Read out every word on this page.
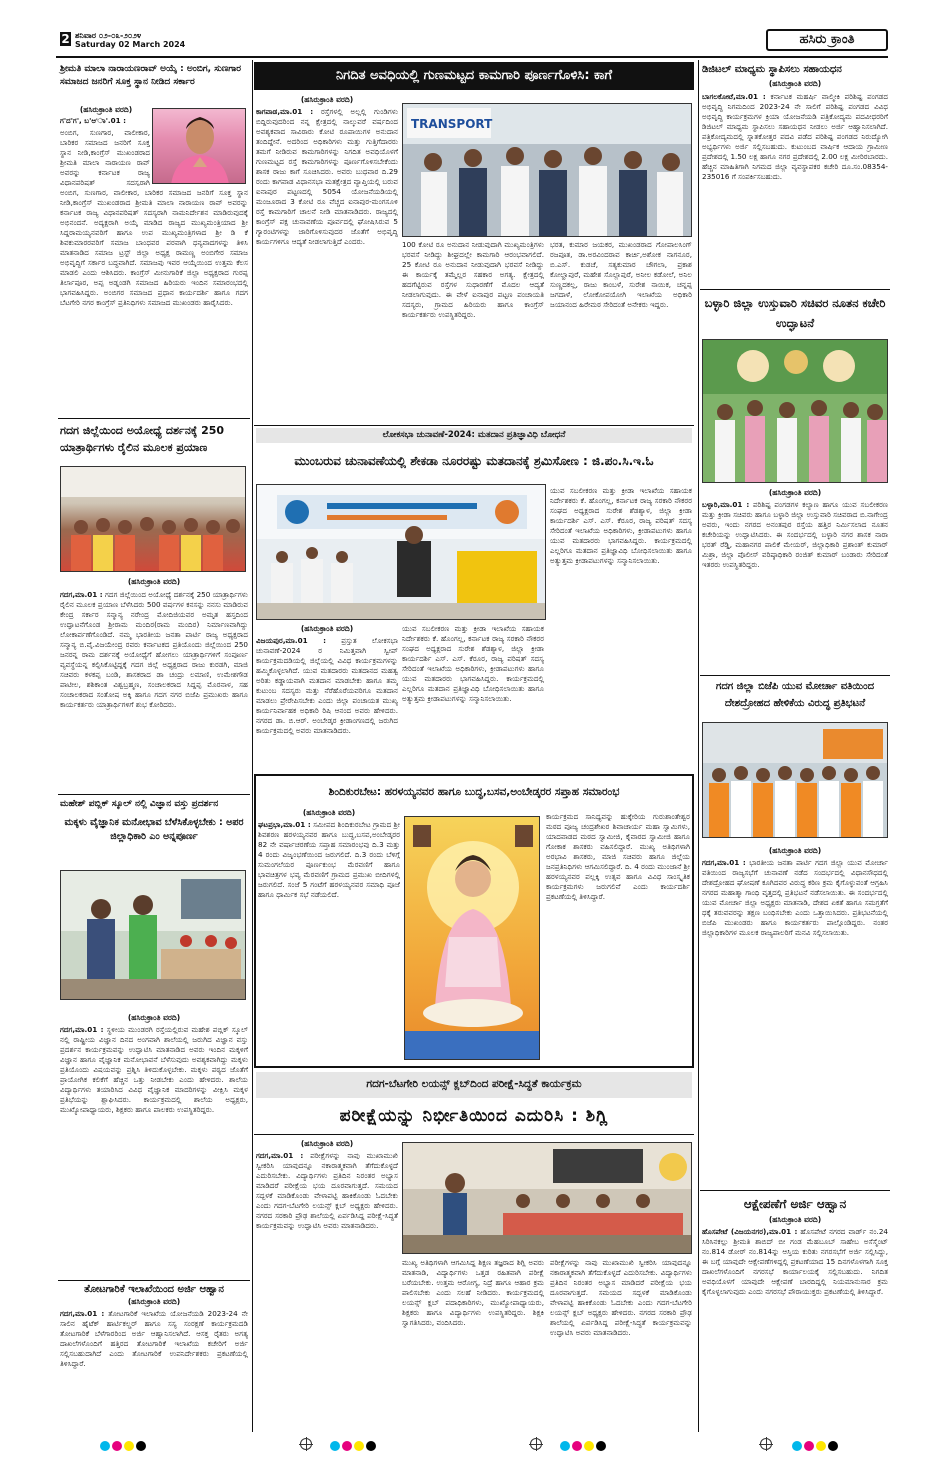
2 ಶನಿವಾರ ೦೨-೦೩-೨೦೨೪
Saturday 02 March 2024	ಹಸಿರು ಕ್ರಾಂತಿ
ಶ್ರೀಮತಿ ಮಾಲಾ ನಾರಾಯಣರಾವ್ ಅಯ್ಕೆ : ಅಂಬಿಗ, ಸುಣಗಾರ ಸಮಾಜದ ಜನರಿಗೆ ಸೂಕ್ತ ಸ್ಥಾನ ನೀಡಿದ ಸರ್ಕಾರ
(ಹಸಿರುಕ್ರಾಂತಿ ವರದಿ)
ಗ'ದ'ಗ', ಬ'ಆ'ಾ'.01 :
ಅಂಬಿಗ, ಸುಣಗಾರ, ವಾಲೀಕಾರ, ಬಾರಿಕರ ಸಮಾಜದ ಜನರಿಗೆ ಸೂಕ್ತ ಸ್ಥಾನ ನೀಡಿ,ಕಾಂಗ್ರೆಸ್ ಮುಖಂಡರಾದ ಶ್ರೀಮತಿ ಮಾಲಾ ನಾರಾಯಣ ರಾವ್ ಅವರನ್ನು ಕರ್ನಾಟಕ ರಾಜ್ಯ ವಿಧಾನಪರಿಷತ್ ಸದಸ್ಯರಾಗಿ
ಅಂಬಿಗ, ಸುಣಗಾರ, ವಾಲೀಕಾರ, ಬಾರಿಕರ ಸಮಾಜದ ಜನರಿಗೆ ಸೂಕ್ತ ಸ್ಥಾನ ನೀಡಿ,ಕಾಂಗ್ರೆಸ್ ಮುಖಂಡರಾದ ಶ್ರೀಮತಿ ಮಾಲಾ ನಾರಾಯಣ ರಾವ್ ಅವರನ್ನು ಕರ್ನಾಟಕ ರಾಜ್ಯ ವಿಧಾನಪರಿಷತ್ ಸದಸ್ಯರಾಗಿ ನಾಮನಿರ್ದೇಶನ ಮಾಡಿರುವುದಕ್ಕೆ ಅಭಿನಂದನೆ. ಅದ್ಯಕ್ಷರಾಗಿ ಅಯ್ಕೆ ಮಾಡಿದ ರಾಜ್ಯದ ಮುಖ್ಯಮಂತ್ರಿಯಾದ ಶ್ರೀ ಸಿದ್ದರಾಮಯ್ಯನವರಿಗೆ ಹಾಗೂ ಉಪ ಮುಖ್ಯಮಂತ್ರಿಗಳಾದ ಶ್ರೀ ಡಿ ಕೆ ಶಿವಕುಮಾರರವರಿಗೆ ಸಮಾಜ ಬಾಂಧವರ ಪರವಾಗಿ ಧನ್ಯವಾದಗಳನ್ನು ತಿಳಿಸಿ ಮಾತನಾಡಿದ ಸಮಾಜ ಟ್ರಸ್ಟ್ ಜಿಲ್ಲಾ ಅಧ್ಯಕ್ಷ ರಾಮಣ್ಣ ಅಂಬಿಗೇರ ಸಮಾಜ ಅಭಿವೃದ್ಧಿಗೆ ಸರ್ಕಾರ ಬದ್ಧವಾಗಿದೆ. ಸಮಾಜವು ಇವರ ಆಯ್ಕೆಯಿಂದ ಉತ್ತಮ ಕೆಲಸ ಮಾಡಲಿ ಎಂದು ಆಶಿಸಿದರು. ಕಾಂಗ್ರೆಸ್ ಮೀನುಗಾರಿಕೆ ಜಿಲ್ಲಾ ಅಧ್ಯಕ್ಷರಾದ ಗುರಪ್ಪ ತಿರ್ಲಾಪೂರ, ಅಪ್ಪ ಅಡ್ನಂಡಗಿ ಸಮಾಜದ ಹಿರಿಯರು ಇಂದಿನ ಸಮಾರಂಭದಲ್ಲಿ ಭಾಗವಹಿಸಿದ್ದರು. ಅಂಬಿಗರ ಸಮಾಜದ ಪ್ರಧಾನ ಕಾರ್ಯದರ್ಶಿ ಹಾಗೂ ಗದಗ ಬೆಟಗೇರಿ ನಗರ ಕಾಂಗ್ರೆಸ್ ಪ್ರತಿನಿಧಿಗಳು ಸಮಾಜದ ಮುಖಂಡರು ಹಾರೈಸಿದರು.
ಗದಗ ಜಿಲ್ಲೆಯಿಂದ ಅಯೋಧ್ಯೆ ದರ್ಶನಕ್ಕೆ 250 ಯಾತ್ರಾರ್ಥಿಗಳು ರೈಲಿನ ಮೂಲಕ ಪ್ರಯಾಣ
(ಹಸಿರುಕ್ರಾಂತಿ ವರದಿ)
ಗದಗ,ಮಾ.01 : ಗದಗ ಜಿಲ್ಲೆಯಿಂದ ಅಯೋಧ್ಯೆ ದರ್ಶನಕ್ಕೆ 250 ಯಾತ್ರಾರ್ಥಿಗಳು ರೈಲಿನ ಮೂಲಕ ಪ್ರಯಾಣ ಬೆಳೆಸಿದರು 500 ವರ್ಷಗಳ ಕನಸನ್ನು ನನಸು ಮಾಡಿರುವ ಕೇಂದ್ರ ಸರ್ಕಾರ ಸನ್ಮಾನ್ಯ ನರೇಂದ್ರ ಮೋದಿಜಿಯವರ ಅಮೃತ ಹಸ್ತದಿಂದ ಉದ್ಘಾಟನೆಗೊಂಡ ಶ್ರೀರಾಮ ಮಂದಿರ(ರಾಮ ಮಂದಿರ) ನಿರ್ಮಾಣವಾಗಿದ್ದು ಲೋಕಾರ್ಪಣೆಗೊಂಡಿದೆ. ನಮ್ಮ ಭಾರತೀಯ ಜನತಾ ಪಾರ್ಟಿ ರಾಜ್ಯ ಅಧ್ಯಕ್ಷರಾದ ಸನ್ಮಾನ್ಯ ಬಿ.ವೈ.ವಿಜಯೇಂದ್ರ ರವರು ಕರ್ನಾಟಕದ ಪ್ರತಿಯೊಂದು ಜಿಲ್ಲೆಯಿಂದ 250 ಜನರನ್ನ ರಾಮ ದರ್ಶನಕ್ಕೆ ಅಯೋಧ್ಯೆಗೆ ಹೋಗಲು ಯಾತ್ರಾರ್ಥಿಗಳಿಗೆ ಸಂಪೂರ್ಣ ವ್ಯವಸ್ಥೆಯನ್ನ ಕಲ್ಪಿಸಿಕೊಟ್ಟಿದ್ದಕ್ಕೆ ಗದಗ ಜಿಲ್ಲೆ ಅಧ್ಯಕ್ಷರಾದ ರಾಜು ಕುರಡಗಿ, ಮಾಜಿ ಸಚಿವರು ಕಳಕಪ್ಪ ಬಂಡಿ, ಶಾಸಕರಾದ ಡಾ ಚಂದ್ರು ಲಮಾಣಿ, ಉಮೇಶಗೌಡ ಪಾಟೀಲ, ಶಶಿಕಾಂತ ವಿಶ್ವಬ್ರಹ್ಮಣ, ಸಂಚಾಲಕರಾದ ಸಿದ್ದಪ್ಪ ಮೊರನಾಳ, ಸಹ ಸಂಚಾಲಕರಾದ ಸಂತೋಷ ಅಕ್ಕಿ ಹಾಗೂ ಗದಗ ನಗರ ಬಿಜೆಪಿ ಪ್ರಮುಖರು ಹಾಗೂ ಕಾರ್ಯಕರ್ತರು ಯಾತ್ರಾರ್ಥಿಗಳಿಗೆ ಶುಭ ಕೋರಿದರು.
ಮಹೇಶ್ ಪಬ್ಲಿಕ್ ಸ್ಕೂಲ್ ನಲ್ಲಿ ವಿಜ್ಞಾನ ವಸ್ತು ಪ್ರದರ್ಶನ
ಮಕ್ಕಳು ವೈಜ್ಞಾನಿಕ ಮನೋಭಾವ ಬೆಳೆಸಿಕೊಳ್ಳಬೇಕು : ಅಪರ ಜಿಲ್ಲಾಧಿಕಾರಿ ಎಂ ಅನ್ನಪೂರ್ಣ
(ಹಸಿರುಕ್ರಾಂತಿ ವರದಿ)
ಗದಗ,ಮಾ.01 : ಸ್ಥಳೀಯ ಮುಂಡರಗಿ ರಸ್ತೆಯಲ್ಲಿರುವ ಮಹೇಶ ಪಬ್ಲಿಕ್ ಸ್ಕೂಲ್ ನಲ್ಲಿ ರಾಷ್ಟ್ರೀಯ ವಿಜ್ಞಾನ ದಿನದ ಅಂಗವಾಗಿ ಶಾಲೆಯಲ್ಲಿ ಜರುಗಿದ ವಿಜ್ಞಾನ ವಸ್ತು ಪ್ರದರ್ಶನ ಕಾರ್ಯಕ್ರಮವನ್ನು ಉದ್ಘಾಟಿಸಿ ಮಾತನಾಡಿದ ಅವರು ಇಂದಿನ ಮಕ್ಕಳಿಗೆ ವಿಜ್ಞಾನ ಹಾಗೂ ವೈಜ್ಞಾನಿಕ ಮನೋಭಾವನೆ ಬೆಳೆಸುವುದು ಅವಶ್ಯಕವಾಗಿದ್ದು ಮಕ್ಕಳು ಪ್ರತಿಯೊಂದು ವಿಷಯವನ್ನು ಪ್ರಶ್ನಿಸಿ ತಿಳಿದುಕೊಳ್ಳಬೇಕು. ಮಕ್ಕಳು ಪಠ್ಯದ ಜೊತೆಗೆ ಪ್ರಾಯೋಗಿಕ ಕಲಿಕೆಗೆ ಹೆಚ್ಚಿನ ಒತ್ತು ನೀಡಬೇಕು ಎಂದು ಹೇಳಿದರು. ಶಾಲೆಯ ವಿದ್ಯಾರ್ಥಿಗಳು ತಯಾರಿಸಿದ ವಿವಿಧ ವೈಜ್ಞಾನಿಕ ಮಾದರಿಗಳನ್ನು ವೀಕ್ಷಿಸಿ ಮಕ್ಕಳ ಪ್ರತಿಭೆಯನ್ನು ಶ್ಲಾಘಿಸಿದರು. ಕಾರ್ಯಕ್ರಮದಲ್ಲಿ ಶಾಲೆಯ ಅಧ್ಯಕ್ಷರು, ಮುಖ್ಯೋಪಾಧ್ಯಾಯರು, ಶಿಕ್ಷಕರು ಹಾಗೂ ಪಾಲಕರು ಉಪಸ್ಥಿತರಿದ್ದರು.
ತೋಟಗಾರಿಕೆ ಇಲಾಖೆಯಿಂದ ಅರ್ಜಿ ಆಹ್ವಾನ
(ಹಸಿರುಕ್ರಾಂತಿ ವರದಿ)
ಗದಗ,ಮಾ.01 : ತೋಟಗಾರಿಕೆ ಇಲಾಖೆಯ ಯೋಜನೆಯಡಿ 2023-24 ನೇ ಸಾಲಿನ ಹೈಟೆಕ್ ಹಾರ್ಟಿಕಲ್ಚರ್ ಹಾಗೂ ಸಸ್ಯ ಸಂರಕ್ಷಣೆ ಕಾರ್ಯಕ್ರಮದಡಿ ತೋಟಗಾರಿಕೆ ಬೆಳೆಗಾರರಿಂದ ಅರ್ಜಿ ಆಹ್ವಾನಿಸಲಾಗಿದೆ. ಆಸಕ್ತ ರೈತರು ಅಗತ್ಯ ದಾಖಲೆಗಳೊಂದಿಗೆ ಹತ್ತಿರದ ತೋಟಗಾರಿಕೆ ಇಲಾಖೆಯ ಕಚೇರಿಗೆ ಅರ್ಜಿ ಸಲ್ಲಿಸಬಹುದಾಗಿದೆ ಎಂದು ತೋಟಗಾರಿಕೆ ಉಪನಿರ್ದೇಶಕರು ಪ್ರಕಟಣೆಯಲ್ಲಿ ತಿಳಿಸಿದ್ದಾರೆ.
ನಿಗದಿತ ಅವಧಿಯಲ್ಲಿ ಗುಣಮಟ್ಟದ ಕಾಮಗಾರಿ ಪೂರ್ಣಗೊಳಿಸಿ: ಕಾಗೆ
(ಹಸಿರುಕ್ರಾಂತಿ ವರದಿ)
ಕಾಗವಾಡ,ಮಾ.01 : ರಸ್ತೆಗಳಲ್ಲಿ ಅಲ್ಲಲ್ಲಿ ಗುಂಡಿಗಳು ಬಿದ್ದಿರುವುದರಿಂದ ನನ್ನ ಕ್ಷೇತ್ರದಲ್ಲಿ ನಾಲ್ಕುವರೆ ವರ್ಷದಿಂದ ಅವಶ್ಯಕವಾದ ಸಾವಿರಾರು ಕೋಟಿ ರೂಪಾಯಿಗಳ ಅನುದಾನ ತಂದಿದ್ದೇನೆ. ಅದರಿಂದ ಅಧಿಕಾರಿಗಳು ಮತ್ತು ಗುತ್ತಿಗೆದಾರರು ತಮಗೆ ನೀಡಿರುವ ಕಾಮಗಾರಿಗಳನ್ನು ನಿಗದಿತ ಅವಧಿಯೊಳಗೆ ಗುಣಮಟ್ಟದ ರಸ್ತೆ ಕಾಮಗಾರಿಗಳನ್ನು ಪೂರ್ಣಗೊಳಿಸಬೇಕೆಂದು ಶಾಸಕ ರಾಜು ಕಾಗೆ ಸೂಚಿಸಿದರು. ಅವರು ಬುಧವಾರ ದಿ.29 ರಂದು ಕಾಗವಾಡ ವಿಧಾನಸಭಾ ಮತಕ್ಷೇತ್ರದ ವ್ಯಾಪ್ತಿಯಲ್ಲಿ ಬರುವ ಐನಾಪುರ ಪಟ್ಟಣದಲ್ಲಿ 5054 ಯೋಜನೆಯಡಿಯಲ್ಲಿ ಮಂಜೂರಾದ 3 ಕೋಟಿ ರೂ ವೆಚ್ಚದ ಐನಾಪುರ-ಮಂಗಸೂಳಿ ರಸ್ತೆ ಕಾಮಗಾರಿಗೆ ಚಾಲನೆ ನೀಡಿ ಮಾತನಾಡಿದರು. ರಾಜ್ಯದಲ್ಲಿ ಕಾಂಗ್ರೆಸ್ ಪಕ್ಷ ಚುನಾವಣೆಯ ಪೂರ್ವದಲ್ಲಿ ಘೋಷಿಸಿರುವ 5 ಗ್ಯಾರಂಟಿಗಳನ್ನು ಜಾರಿಗೊಳಿಸುವುದರ ಜೊತೆಗೆ ಅಭಿವೃದ್ಧಿ ಕಾರ್ಯಗಳಿಗೂ ಆದ್ಯತೆ ನೀಡಲಾಗುತ್ತಿದೆ ಎಂದರು.
TRANSPORT
100 ಕೋಟಿ ರೂ ಅನುದಾನ ನೀಡುವುದಾಗಿ ಮುಖ್ಯಮಂತ್ರಿಗಳು ಭರವಸೆ ನೀಡಿದ್ದು ಶೀಘ್ರದಲ್ಲೇ ಕಾಮಗಾರಿ ಆರಂಭವಾಗಲಿದೆ. 25 ಕೋಟಿ ರೂ ಅನುದಾನ ನೀಡುವುದಾಗಿ ಭರವಸೆ ನೀಡಿದ್ದು ಈ ಕಾರ್ಯಕ್ಕೆ ತಮ್ಮೆಲ್ಲರ ಸಹಕಾರ ಅಗತ್ಯ. ಕ್ಷೇತ್ರದಲ್ಲಿ ಹದಗೆಟ್ಟಿರುವ ರಸ್ತೆಗಳ ಸುಧಾರಣೆಗೆ ಮೊದಲ ಆದ್ಯತೆ ನೀಡಲಾಗುವುದು. ಈ ವೇಳೆ ಐನಾಪುರ ಪಟ್ಟಣ ಪಂಚಾಯತಿ ಸದಸ್ಯರು, ಗ್ರಾಮದ ಹಿರಿಯರು ಹಾಗೂ ಕಾಂಗ್ರೆಸ್ ಕಾರ್ಯಕರ್ತರು ಉಪಸ್ಥಿತರಿದ್ದರು.
ಭರತ, ಕುಮಾರ ಜಯಕರ, ಮುಖಂಡರಾದ ಗೋಪಾಲಸಿಂಗ್ ರಜಪೂತ, ಡಾ.ಅರವಿಂದರಾವ ಕಾರ್ಚಿ,ಅಶೋಕ ನಾಗನೂರ, ಬಿ.ಎಸ್. ಕುಡಚೆ, ಸತ್ಯಕುಮಾರ ಚೌಗಲಾ, ಪ್ರಕಾಶ ಕೋಲ್ಹಾಪುರೆ, ಮಹೇಶ ಸೊಲ್ಲಾಪುರೆ, ಅನೀಲ ಕಡೋಲೆ, ಅನಿಲ ಸುಣ್ಣದಕಲ್ಲ, ರಾಜು ಕಾಂಬಳೆ, ಸುರೇಶ ನಾಯಿಕ, ಚನ್ನಪ್ಪ ಜಗದಾಳೆ, ಲೋಕೋಪಯೋಗಿ ಇಲಾಖೆಯ ಅಧಿಕಾರಿ ಜಯಾನಂದ ಹಿರೇಮಠ ಸೇರಿದಂತೆ ಅನೇಕರು ಇದ್ದರು.
ಲೋಕಸಭಾ ಚುನಾವಣೆ-2024: ಮತದಾನ ಪ್ರತಿಜ್ಞಾವಿಧಿ ಬೋಧನೆ
ಮುಂಬರುವ ಚುನಾವಣೆಯಲ್ಲಿ ಶೇಕಡಾ ನೂರರಷ್ಟು ಮತದಾನಕ್ಕೆ ಶ್ರಮಿಸೋಣ : ಜಿ.ಪಂ.ಸಿ.ಇ.ಓ
ಯುವ ಸಬಲೀಕರಣ ಮತ್ತು ಕ್ರೀಡಾ ಇಲಾಖೆಯ ಸಹಾಯಕ ನಿರ್ದೇಶಕರು ಕೆ. ಹೊಂಗಲ್ಲ, ಕರ್ನಾಟಕ ರಾಜ್ಯ ಸರಕಾರಿ ನೌಕರರ ಸಂಘದ ಅಧ್ಯಕ್ಷರಾದ ಸುರೇಶ ಶೆಡಶ್ಯಾಳ, ಜಿಲ್ಲಾ ಕ್ರೀಡಾ ಕಾರ್ಯದರ್ಶಿ ಎಸ್. ಎಸ್. ಕೆರೂರ, ರಾಜ್ಯ ಪರಿಷತ್ ಸದಸ್ಯ ಸೇರಿದಂತೆ ಇಲಾಖೆಯ ಅಧಿಕಾರಿಗಳು, ಕ್ರೀಡಾಪಟುಗಳು ಹಾಗೂ ಯುವ ಮತದಾರರು ಭಾಗವಹಿಸಿದ್ದರು. ಕಾರ್ಯಕ್ರಮದಲ್ಲಿ ಎಲ್ಲರಿಗೂ ಮತದಾನ ಪ್ರತಿಜ್ಞಾವಿಧಿ ಬೋಧಿಸಲಾಯಿತು ಹಾಗೂ ಅತ್ಯುತ್ತಮ ಕ್ರೀಡಾಪಟುಗಳನ್ನು ಸನ್ಮಾನಿಸಲಾಯಿತು.
(ಹಸಿರುಕ್ರಾಂತಿ ವರದಿ)
ವಿಜಯಪುರ,ಮಾ.01 : ಪ್ರಸ್ತುತ ಲೋಕಸಭಾ ಚುನಾವಣೆ-2024 ರ ನಿಮಿತ್ತವಾಗಿ ಸ್ವೀಪ್ ಕಾರ್ಯಕ್ರಮದಡಿಯಲ್ಲಿ ಜಿಲ್ಲೆಯಲ್ಲಿ ವಿವಿಧ ಕಾರ್ಯಕ್ರಮಗಳನ್ನು ಹಮ್ಮಿಕೊಳ್ಳಲಾಗಿದೆ. ಯುವ ಮತದಾರರು ಮತದಾನದ ಮಹತ್ವ ಅರಿತು ಕಡ್ಡಾಯವಾಗಿ ಮತದಾನ ಮಾಡಬೇಕು ಹಾಗೂ ತಮ್ಮ ಕುಟುಂಬ ಸದಸ್ಯರು ಮತ್ತು ನೆರೆಹೊರೆಯವರಿಗೂ ಮತದಾನ ಮಾಡಲು ಪ್ರೇರೇಪಿಸಬೇಕು ಎಂದು ಜಿಲ್ಲಾ ಪಂಚಾಯತ ಮುಖ್ಯ ಕಾರ್ಯನಿರ್ವಾಹಕ ಅಧಿಕಾರಿ ರಿಷಿ ಆನಂದ ಅವರು ಹೇಳಿದರು. ನಗರದ ಡಾ. ಬಿ.ಆರ್. ಅಂಬೇಡ್ಕರ ಕ್ರೀಡಾಂಗಣದಲ್ಲಿ ಜರುಗಿದ ಕಾರ್ಯಕ್ರಮದಲ್ಲಿ ಅವರು ಮಾತನಾಡಿದರು.
ಯುವ ಸಬಲೀಕರಣ ಮತ್ತು ಕ್ರೀಡಾ ಇಲಾಖೆಯ ಸಹಾಯಕ ನಿರ್ದೇಶಕರು ಕೆ. ಹೊಂಗಲ್ಲ, ಕರ್ನಾಟಕ ರಾಜ್ಯ ಸರಕಾರಿ ನೌಕರರ ಸಂಘದ ಅಧ್ಯಕ್ಷರಾದ ಸುರೇಶ ಶೆಡಶ್ಯಾಳ, ಜಿಲ್ಲಾ ಕ್ರೀಡಾ ಕಾರ್ಯದರ್ಶಿ ಎಸ್. ಎಸ್. ಕೆರೂರ, ರಾಜ್ಯ ಪರಿಷತ್ ಸದಸ್ಯ ಸೇರಿದಂತೆ ಇಲಾಖೆಯ ಅಧಿಕಾರಿಗಳು, ಕ್ರೀಡಾಪಟುಗಳು ಹಾಗೂ ಯುವ ಮತದಾರರು ಭಾಗವಹಿಸಿದ್ದರು. ಕಾರ್ಯಕ್ರಮದಲ್ಲಿ ಎಲ್ಲರಿಗೂ ಮತದಾನ ಪ್ರತಿಜ್ಞಾವಿಧಿ ಬೋಧಿಸಲಾಯಿತು ಹಾಗೂ ಅತ್ಯುತ್ತಮ ಕ್ರೀಡಾಪಟುಗಳನ್ನು ಸನ್ಮಾನಿಸಲಾಯಿತು.
ಶಿಂದಿಕುರಬೇಟ: ಹರಳಯ್ಯನವರ ಹಾಗೂ ಬುದ್ಧ,ಬಸವ,ಅಂಬೇಡ್ಕರರ ಸಪ್ತಾಹ ಸಮಾರಂಭ
(ಹಸಿರುಕ್ರಾಂತಿ ವರದಿ)
ಘಟಪ್ರಭಾ,ಮಾ.01 : ಸಮೀಪದ ಶಿಂದಿಕುರಬೇಟ ಗ್ರಾಮದ ಶ್ರೀ ಶಿವಶರಣ ಹರಳಯ್ಯನವರ ಹಾಗೂ ಬುದ್ಧ,ಬಸವ,ಅಂಬೇಡ್ಕರರ 82 ನೇ ವರ್ಷಾಚರಣೆಯ ಸಪ್ತಾಹ ಸಮಾರಂಭವು ದಿ.3 ಮತ್ತು 4 ರಂದು ವಿಜೃಂಭಣೆಯಿಂದ ಜರುಗಲಿದೆ. ದಿ.3 ರಂದು ಬೆಳಿಗ್ಗೆ ಸುಮಂಗಲೆಯರ ಪೂರ್ಣಕುಂಭ ಮೆರವಣಿಗೆ ಹಾಗೂ ಭಾವಚಿತ್ರಗಳ ಭವ್ಯ ಮೆರವಣಿಗೆ ಗ್ರಾಮದ ಪ್ರಮುಖ ಬೀದಿಗಳಲ್ಲಿ ಜರುಗಲಿದೆ. ಸಂಜೆ 5 ಗಂಟೆಗೆ ಹರಳಯ್ಯನವರ ಸಮಾಧಿ ಪೂಜೆ ಹಾಗೂ ಧಾರ್ಮಿಕ ಸಭೆ ನಡೆಯಲಿದೆ.
ಕಾರ್ಯಕ್ರಮದ ಸಾನಿಧ್ಯವನ್ನು ಹುಕ್ಕೇರಿಯ ಗುರುಶಾಂತೇಶ್ವರ ಮಠದ ಪೂಜ್ಯ ಚಂದ್ರಶೇಖರ ಶಿವಾಚಾರ್ಯ ಮಹಾ ಸ್ವಾಮಿಗಳು, ಯಾದವಾಡದ ಮಠದ ಸ್ವಾಮೀಜಿ, ಕೈವಾರದ ಸ್ವಾಮೀಜಿ ಹಾಗೂ ಗೋಕಾಕ ಶಾಸಕರು ವಹಿಸಲಿದ್ದಾರೆ. ಮುಖ್ಯ ಅತಿಥಿಗಳಾಗಿ ಅರಭಾವಿ ಶಾಸಕರು, ಮಾಜಿ ಸಚಿವರು ಹಾಗೂ ಜಿಲ್ಲೆಯ ಜನಪ್ರತಿನಿಧಿಗಳು ಆಗಮಿಸಲಿದ್ದಾರೆ. ದಿ. 4 ರಂದು ಮುಂಜಾನೆ ಶ್ರೀ ಹರಳಯ್ಯನವರ ಪಲ್ಲಕ್ಕಿ ಉತ್ಸವ ಹಾಗೂ ವಿವಿಧ ಸಾಂಸ್ಕೃತಿಕ ಕಾರ್ಯಕ್ರಮಗಳು ಜರುಗಲಿವೆ ಎಂದು ಕಾರ್ಯದರ್ಶಿ ಪ್ರಕಟಣೆಯಲ್ಲಿ ತಿಳಿಸಿದ್ದಾರೆ.
ಗದಗ-ಬೆಟಗೇರಿ ಲಯನ್ಸ್ ಕ್ಲಬ್‌ದಿಂದ ಪರೀಕ್ಷೆ-ಸಿದ್ಧತೆ ಕಾರ್ಯಕ್ರಮ
ಪರೀಕ್ಷೆಯನ್ನು ನಿರ್ಭೀತಿಯಿಂದ ಎದುರಿಸಿ : ಶಿಗ್ಲಿ
(ಹಸಿರುಕ್ರಾಂತಿ ವರದಿ)
ಗದಗ,ಮಾ.01 : ಪರೀಕ್ಷೆಗಳನ್ನು ನಾವು ಮುಖಾಮುಖಿ ಸ್ವೀಕರಿಸಿ ಯಾವುದನ್ನೂ ನಕಾರಾತ್ಮಕವಾಗಿ ತೆಗೆದುಕೊಳ್ಳದೆ ಎದುರಿಸಬೇಕು. ವಿದ್ಯಾರ್ಥಿಗಳು ಪ್ರತಿದಿನ ನಿರಂತರ ಅಭ್ಯಾಸ ಮಾಡಿದರೆ ಪರೀಕ್ಷೆಯ ಭಯ ದೂರವಾಗುತ್ತದೆ. ಸಮಯದ ಸದ್ಬಳಕೆ ಮಾಡಿಕೊಂಡು ವೇಳಾಪಟ್ಟಿ ಹಾಕಿಕೊಂಡು ಓದಬೇಕು ಎಂದು ಗದಗ-ಬೆಟಗೇರಿ ಲಯನ್ಸ್ ಕ್ಲಬ್ ಅಧ್ಯಕ್ಷರು ಹೇಳಿದರು. ನಗರದ ಸರಕಾರಿ ಪ್ರೌಢ ಶಾಲೆಯಲ್ಲಿ ಏರ್ಪಡಿಸಿದ್ದ ಪರೀಕ್ಷೆ-ಸಿದ್ಧತೆ ಕಾರ್ಯಕ್ರಮವನ್ನು ಉದ್ಘಾಟಿಸಿ ಅವರು ಮಾತನಾಡಿದರು.
ಮುಖ್ಯ ಅತಿಥಿಗಳಾಗಿ ಆಗಮಿಸಿದ್ದ ಶಿಕ್ಷಣ ತಜ್ಞರಾದ ಶಿಗ್ಲಿ ಅವರು ಮಾತನಾಡಿ, ವಿದ್ಯಾರ್ಥಿಗಳು ಒತ್ತಡ ರಹಿತವಾಗಿ ಪರೀಕ್ಷೆ ಬರೆಯಬೇಕು. ಉತ್ತಮ ಆರೋಗ್ಯ, ನಿದ್ರೆ ಹಾಗೂ ಆಹಾರ ಕ್ರಮ ಪಾಲಿಸಬೇಕು ಎಂದು ಸಲಹೆ ನೀಡಿದರು. ಕಾರ್ಯಕ್ರಮದಲ್ಲಿ ಲಯನ್ಸ್ ಕ್ಲಬ್ ಪದಾಧಿಕಾರಿಗಳು, ಮುಖ್ಯೋಪಾಧ್ಯಾಯರು, ಶಿಕ್ಷಕರು ಹಾಗೂ ವಿದ್ಯಾರ್ಥಿಗಳು ಉಪಸ್ಥಿತರಿದ್ದರು. ಶಿಕ್ಷಕಿ ಸ್ವಾಗತಿಸಿದರು, ವಂದಿಸಿದರು.
ಪರೀಕ್ಷೆಗಳನ್ನು ನಾವು ಮುಖಾಮುಖಿ ಸ್ವೀಕರಿಸಿ ಯಾವುದನ್ನೂ ನಕಾರಾತ್ಮಕವಾಗಿ ತೆಗೆದುಕೊಳ್ಳದೆ ಎದುರಿಸಬೇಕು. ವಿದ್ಯಾರ್ಥಿಗಳು ಪ್ರತಿದಿನ ನಿರಂತರ ಅಭ್ಯಾಸ ಮಾಡಿದರೆ ಪರೀಕ್ಷೆಯ ಭಯ ದೂರವಾಗುತ್ತದೆ. ಸಮಯದ ಸದ್ಬಳಕೆ ಮಾಡಿಕೊಂಡು ವೇಳಾಪಟ್ಟಿ ಹಾಕಿಕೊಂಡು ಓದಬೇಕು ಎಂದು ಗದಗ-ಬೆಟಗೇರಿ ಲಯನ್ಸ್ ಕ್ಲಬ್ ಅಧ್ಯಕ್ಷರು ಹೇಳಿದರು. ನಗರದ ಸರಕಾರಿ ಪ್ರೌಢ ಶಾಲೆಯಲ್ಲಿ ಏರ್ಪಡಿಸಿದ್ದ ಪರೀಕ್ಷೆ-ಸಿದ್ಧತೆ ಕಾರ್ಯಕ್ರಮವನ್ನು ಉದ್ಘಾಟಿಸಿ ಅವರು ಮಾತನಾಡಿದರು.
ಡಿಜಿಟಲ್ ಮಾಧ್ಯಮ ಸ್ಥಾಪಿಸಲು ಸಹಾಯಧನ
(ಹಸಿರುಕ್ರಾಂತಿ ವರದಿ)
ಬಾಗಲಕೋಟೆ,ಮಾ.01 : ಕರ್ನಾಟಕ ಮಹರ್ಷಿ ವಾಲ್ಮೀಕಿ ಪರಿಶಿಷ್ಟ ಪಂಗಡದ ಅಭಿವೃದ್ಧಿ ನಿಗಮದಿಂದ 2023-24 ನೇ ಸಾಲಿಗೆ ಪರಿಶಿಷ್ಟ ಪಂಗಡದ ವಿವಿಧ ಅಭಿವೃದ್ಧಿ ಕಾರ್ಯಕ್ರಮಗಳ ಕ್ರಿಯಾ ಯೋಜನೆಯಡಿ ಪತ್ರಿಕೋದ್ಯಮ ಪದವೀಧರರಿಗೆ ಡಿಜಿಟಲ್ ಮಾಧ್ಯಮ ಸ್ಥಾಪಿಸಲು ಸಹಾಯಧನ ನೀಡಲು ಅರ್ಜಿ ಆಹ್ವಾನಿಸಲಾಗಿದೆ. ಪತ್ರಿಕೋದ್ಯಮದಲ್ಲಿ ಸ್ನಾತಕೋತ್ತರ ಪದವಿ ಪಡೆದ ಪರಿಶಿಷ್ಟ ಪಂಗಡದ ನಿರುದ್ಯೋಗಿ ಅಭ್ಯರ್ಥಿಗಳು ಅರ್ಜಿ ಸಲ್ಲಿಸಬಹುದು. ಕುಟುಂಬದ ವಾರ್ಷಿಕ ಆದಾಯ ಗ್ರಾಮೀಣ ಪ್ರದೇಶದಲ್ಲಿ 1.50 ಲಕ್ಷ ಹಾಗೂ ನಗರ ಪ್ರದೇಶದಲ್ಲಿ 2.00 ಲಕ್ಷ ಮೀರಿರಬಾರದು. ಹೆಚ್ಚಿನ ಮಾಹಿತಿಗಾಗಿ ನಿಗಮದ ಜಿಲ್ಲಾ ವ್ಯವಸ್ಥಾಪಕರ ಕಚೇರಿ ದೂ.ಸಂ.08354-235016 ಗೆ ಸಂಪರ್ಕಿಸಬಹುದು.
ಬಳ್ಳಾರಿ ಜಿಲ್ಲಾ ಉಸ್ತುವಾರಿ ಸಚಿವರ ನೂತನ ಕಚೇರಿ ಉದ್ಘಾಟನೆ
(ಹಸಿರುಕ್ರಾಂತಿ ವರದಿ)
ಬಳ್ಳಾರಿ,ಮಾ.01 : ಪರಿಶಿಷ್ಟ ಪಂಗಡಗಳ ಕಲ್ಯಾಣ ಹಾಗೂ ಯುವ ಸಬಲೀಕರಣ ಮತ್ತು ಕ್ರೀಡಾ ಸಚಿವರು ಹಾಗೂ ಬಳ್ಳಾರಿ ಜಿಲ್ಲಾ ಉಸ್ತುವಾರಿ ಸಚಿವರಾದ ಬಿ.ನಾಗೇಂದ್ರ ಅವರು, ಇಂದು ನಗರದ ಅನಂತಪುರ ರಸ್ತೆಯ ಹತ್ತಿರ ನಿರ್ಮಿಸಲಾದ ನೂತನ ಕಚೇರಿಯನ್ನು ಉದ್ಘಾಟಿಸಿದರು. ಈ ಸಂದರ್ಭದಲ್ಲಿ ಬಳ್ಳಾರಿ ನಗರ ಶಾಸಕ ನಾರಾ ಭರತ್ ರೆಡ್ಡಿ, ಮಹಾನಗರ ಪಾಲಿಕೆ ಮೇಯರ್, ಜಿಲ್ಲಾಧಿಕಾರಿ ಪ್ರಶಾಂತ್ ಕುಮಾರ್ ಮಿಶ್ರಾ, ಜಿಲ್ಲಾ ಪೊಲೀಸ್ ವರಿಷ್ಠಾಧಿಕಾರಿ ರಂಜಿತ್ ಕುಮಾರ್ ಬಂಡಾರು ಸೇರಿದಂತೆ ಇತರರು ಉಪಸ್ಥಿತರಿದ್ದರು.
ಗದಗ ಜಿಲ್ಲಾ ಬಿಜೆಪಿ ಯುವ ಮೋರ್ಚಾ ವತಿಯಿಂದ ದೇಶದ್ರೋಹದ ಹೇಳಿಕೆಯ ವಿರುದ್ಧ ಪ್ರತಿಭಟನೆ
(ಹಸಿರುಕ್ರಾಂತಿ ವರದಿ)
ಗದಗ,ಮಾ.01 : ಭಾರತೀಯ ಜನತಾ ಪಾರ್ಟಿ ಗದಗ ಜಿಲ್ಲಾ ಯುವ ಮೋರ್ಚಾ ವತಿಯಿಂದ ರಾಜ್ಯಸಭೆಗೆ ಚುನಾವಣೆ ನಡೆದ ಸಂದರ್ಭದಲ್ಲಿ ವಿಧಾನಸೌಧದಲ್ಲಿ ದೇಶದ್ರೋಹದ ಘೋಷಣೆ ಕೂಗಿದವರ ವಿರುದ್ಧ ಕಠಿಣ ಕ್ರಮ ಕೈಗೊಳ್ಳುವಂತೆ ಆಗ್ರಹಿಸಿ ನಗರದ ಮಹಾತ್ಮಾ ಗಾಂಧಿ ವೃತ್ತದಲ್ಲಿ ಪ್ರತಿಭಟನೆ ನಡೆಸಲಾಯಿತು. ಈ ಸಂದರ್ಭದಲ್ಲಿ ಯುವ ಮೋರ್ಚಾ ಜಿಲ್ಲಾ ಅಧ್ಯಕ್ಷರು ಮಾತನಾಡಿ, ದೇಶದ ಏಕತೆ ಹಾಗೂ ಸಮಗ್ರತೆಗೆ ಧಕ್ಕೆ ತರುವವರನ್ನು ತಕ್ಷಣ ಬಂಧಿಸಬೇಕು ಎಂದು ಒತ್ತಾಯಿಸಿದರು. ಪ್ರತಿಭಟನೆಯಲ್ಲಿ ಬಿಜೆಪಿ ಮುಖಂಡರು ಹಾಗೂ ಕಾರ್ಯಕರ್ತರು ಪಾಲ್ಗೊಂಡಿದ್ದರು. ನಂತರ ಜಿಲ್ಲಾಧಿಕಾರಿಗಳ ಮೂಲಕ ರಾಜ್ಯಪಾಲರಿಗೆ ಮನವಿ ಸಲ್ಲಿಸಲಾಯಿತು.
ಆಕ್ಷೇಪಣೆಗೆ ಅರ್ಜಿ ಆಹ್ವಾನ
(ಹಸಿರುಕ್ರಾಂತಿ ವರದಿ)
ಹೊಸಪೇಟೆ (ವಿಜಯನಗರ),ಮಾ.01 : ಹೊಸಪೇಟೆ ನಗರದ ವಾರ್ಡ್ ನಂ.24 ಸಿರಿಸಿನಕಲ್ಲು ಶ್ರೀಮತಿ ಶಾಬಿದ್ ಬೀ ಗಂಡ ಮೆಹಬೂಬ್ ಸಾಹೇಬ ಅಸೆಸ್ಮೆಂಟ್ ನಂ.814 ಡೋರ್ ನಂ.814ನ್ನು ಆಸ್ತಿಯ ಕುರಿತು ನಗರಸಭೆಗೆ ಅರ್ಜಿ ಸಲ್ಲಿಸಿದ್ದು, ಈ ಬಗ್ಗೆ ಯಾವುದೇ ಆಕ್ಷೇಪಣೆಗಳಿದ್ದಲ್ಲಿ ಪ್ರಕಟಣೆಯಾದ 15 ದಿನಗಳೊಳಗಾಗಿ ಸೂಕ್ತ ದಾಖಲೆಗಳೊಂದಿಗೆ ನಗರಸಭೆ ಕಾರ್ಯಾಲಯಕ್ಕೆ ಸಲ್ಲಿಸಬಹುದು. ನಿಗದಿತ ಅವಧಿಯೊಳಗೆ ಯಾವುದೇ ಆಕ್ಷೇಪಣೆ ಬಾರದಿದ್ದಲ್ಲಿ ನಿಯಮಾನುಸಾರ ಕ್ರಮ ಕೈಗೊಳ್ಳಲಾಗುವುದು ಎಂದು ನಗರಸಭೆ ಪೌರಾಯುಕ್ತರು ಪ್ರಕಟಣೆಯಲ್ಲಿ ತಿಳಿಸಿದ್ದಾರೆ.
